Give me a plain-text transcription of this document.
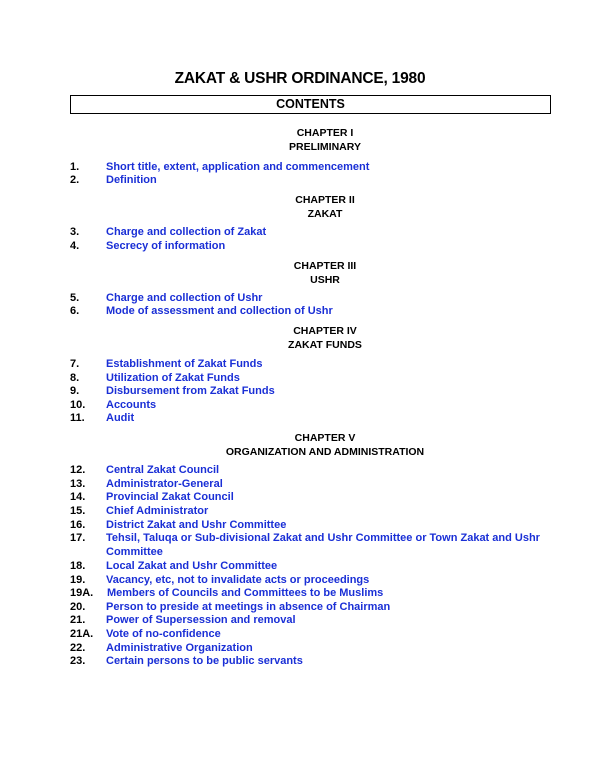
ZAKAT & USHR ORDINANCE, 1980
CONTENTS
CHAPTER I
PRELIMINARY
1. Short title, extent, application and commencement
2. Definition
CHAPTER II
ZAKAT
3. Charge and collection of Zakat
4. Secrecy of information
CHAPTER III
USHR
5. Charge and collection of Ushr
6. Mode of assessment and collection of Ushr
CHAPTER IV
ZAKAT FUNDS
7. Establishment of Zakat Funds
8. Utilization of Zakat Funds
9. Disbursement from Zakat Funds
10. Accounts
11. Audit
CHAPTER V
ORGANIZATION AND ADMINISTRATION
12. Central Zakat Council
13. Administrator-General
14. Provincial Zakat Council
15. Chief Administrator
16. District Zakat and Ushr Committee
17. Tehsil, Taluqa or Sub-divisional Zakat and Ushr Committee or Town Zakat and Ushr Committee
18. Local Zakat and Ushr Committee
19. Vacancy, etc, not to invalidate acts or proceedings
19A. Members of Councils and Committees to be Muslims
20. Person to preside at meetings in absence of Chairman
21. Power of Supersession and removal
21A. Vote of no-confidence
22. Administrative Organization
23. Certain persons to be public servants
